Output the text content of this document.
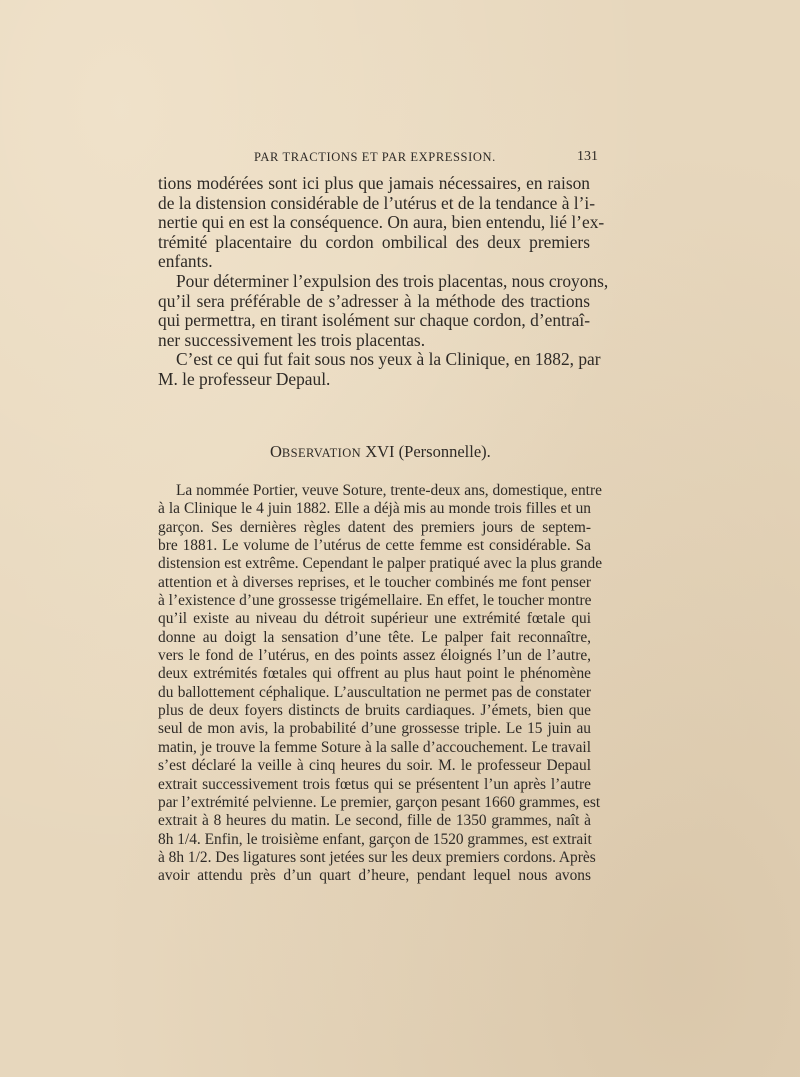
PAR TRACTIONS ET PAR EXPRESSION.	131
tions modérées sont ici plus que jamais nécessaires, en raison
de la distension considérable de l’utérus et de la tendance à l’i-
nertie qui en est la conséquence. On aura, bien entendu, lié l’ex-
trémité placentaire du cordon ombilical des deux premiers
enfants.
Pour déterminer l’expulsion des trois placentas, nous croyons,
qu’il sera préférable de s’adresser à la méthode des tractions
qui permettra, en tirant isolément sur chaque cordon, d’entraî-
ner successivement les trois placentas.
C’est ce qui fut fait sous nos yeux à la Clinique, en 1882, par
M. le professeur Depaul.
OBSERVATION XVI (Personnelle).
La nommée Portier, veuve Soture, trente-deux ans, domestique, entre
à la Clinique le 4 juin 1882. Elle a déjà mis au monde trois filles et un
garçon. Ses dernières règles datent des premiers jours de septem-
bre 1881. Le volume de l’utérus de cette femme est considérable. Sa
distension est extrême. Cependant le palper pratiqué avec la plus grande
attention et à diverses reprises, et le toucher combinés me font penser
à l’existence d’une grossesse trigémellaire. En effet, le toucher montre
qu’il existe au niveau du détroit supérieur une extrémité fœtale qui
donne au doigt la sensation d’une tête. Le palper fait reconnaître,
vers le fond de l’utérus, en des points assez éloignés l’un de l’autre,
deux extrémités fœtales qui offrent au plus haut point le phénomène
du ballottement céphalique. L’auscultation ne permet pas de constater
plus de deux foyers distincts de bruits cardiaques. J’émets, bien que
seul de mon avis, la probabilité d’une grossesse triple. Le 15 juin au
matin, je trouve la femme Soture à la salle d’accouchement. Le travail
s’est déclaré la veille à cinq heures du soir. M. le professeur Depaul
extrait successivement trois fœtus qui se présentent l’un après l’autre
par l’extrémité pelvienne. Le premier, garçon pesant 1660 grammes, est
extrait à 8 heures du matin. Le second, fille de 1350 grammes, naît à
8h 1/4. Enfin, le troisième enfant, garçon de 1520 grammes, est extrait
à 8h 1/2. Des ligatures sont jetées sur les deux premiers cordons. Après
avoir attendu près d’un quart d’heure, pendant lequel nous avons
